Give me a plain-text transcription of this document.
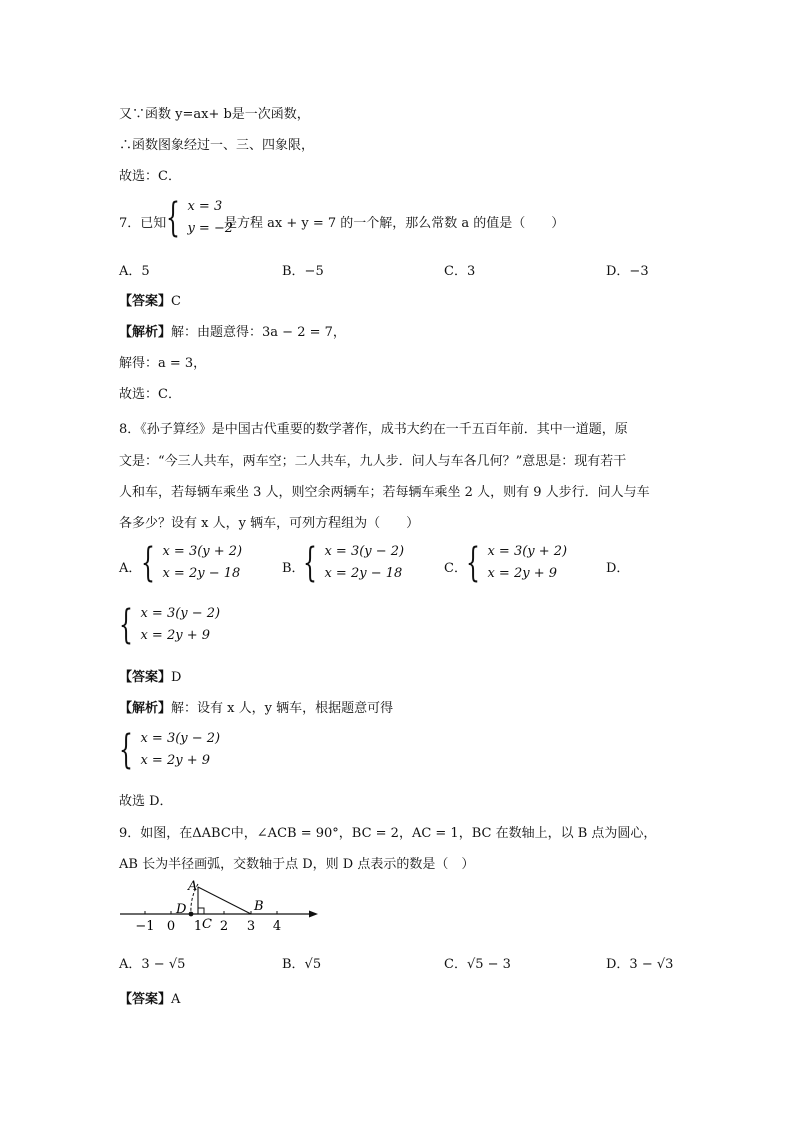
又∵函数 y=ax+ b是一次函数，
∴函数图象经过一、三、四象限，
故选：C．
7．已知 { x = 3
y = −2
是方程 ax + y = 7 的一个解，那么常数 a 的值是（　　）
A．5	B．−5	C．3	D．−3
【答案】C
【解析】解：由题意得：3a − 2 = 7，
解得：a = 3，
故选：C．
8．《孙子算经》是中国古代重要的数学著作，成书大约在一千五百年前．其中一道题，原
文是：“今三人共车，两车空；二人共车，九人步．问人与车各几何？”意思是：现有若干
人和车，若每辆车乘坐 3 人，则空余两辆车；若每辆车乘坐 2 人，则有 9 人步行．问人与车
各多少？设有 x 人，y 辆车，可列方程组为（　　）
A． { x = 3(y + 2)
x = 2y − 18	B．
{ x = 3(y − 2)
x = 2y − 18	C． { x = 3(y + 2)
x = 2y + 9	D．
{ x = 3(y − 2)
x = 2y + 9
【答案】D
【解析】解：设有 x 人，y 辆车，根据题意可得
{ x = 3(y − 2)
x = 2y + 9
故选 D．
9．如图，在ΔABC中，∠ACB = 90°，BC = 2，AC = 1，BC 在数轴上，以 B 点为圆心，
AB 长为半径画弧，交数轴于点 D，则 D 点表示的数是（　）
−1 0 1 2 3 4
A
D
C
B
A．3 − √5	B．√5	C．√5 − 3	D．3 − √3
【答案】A
